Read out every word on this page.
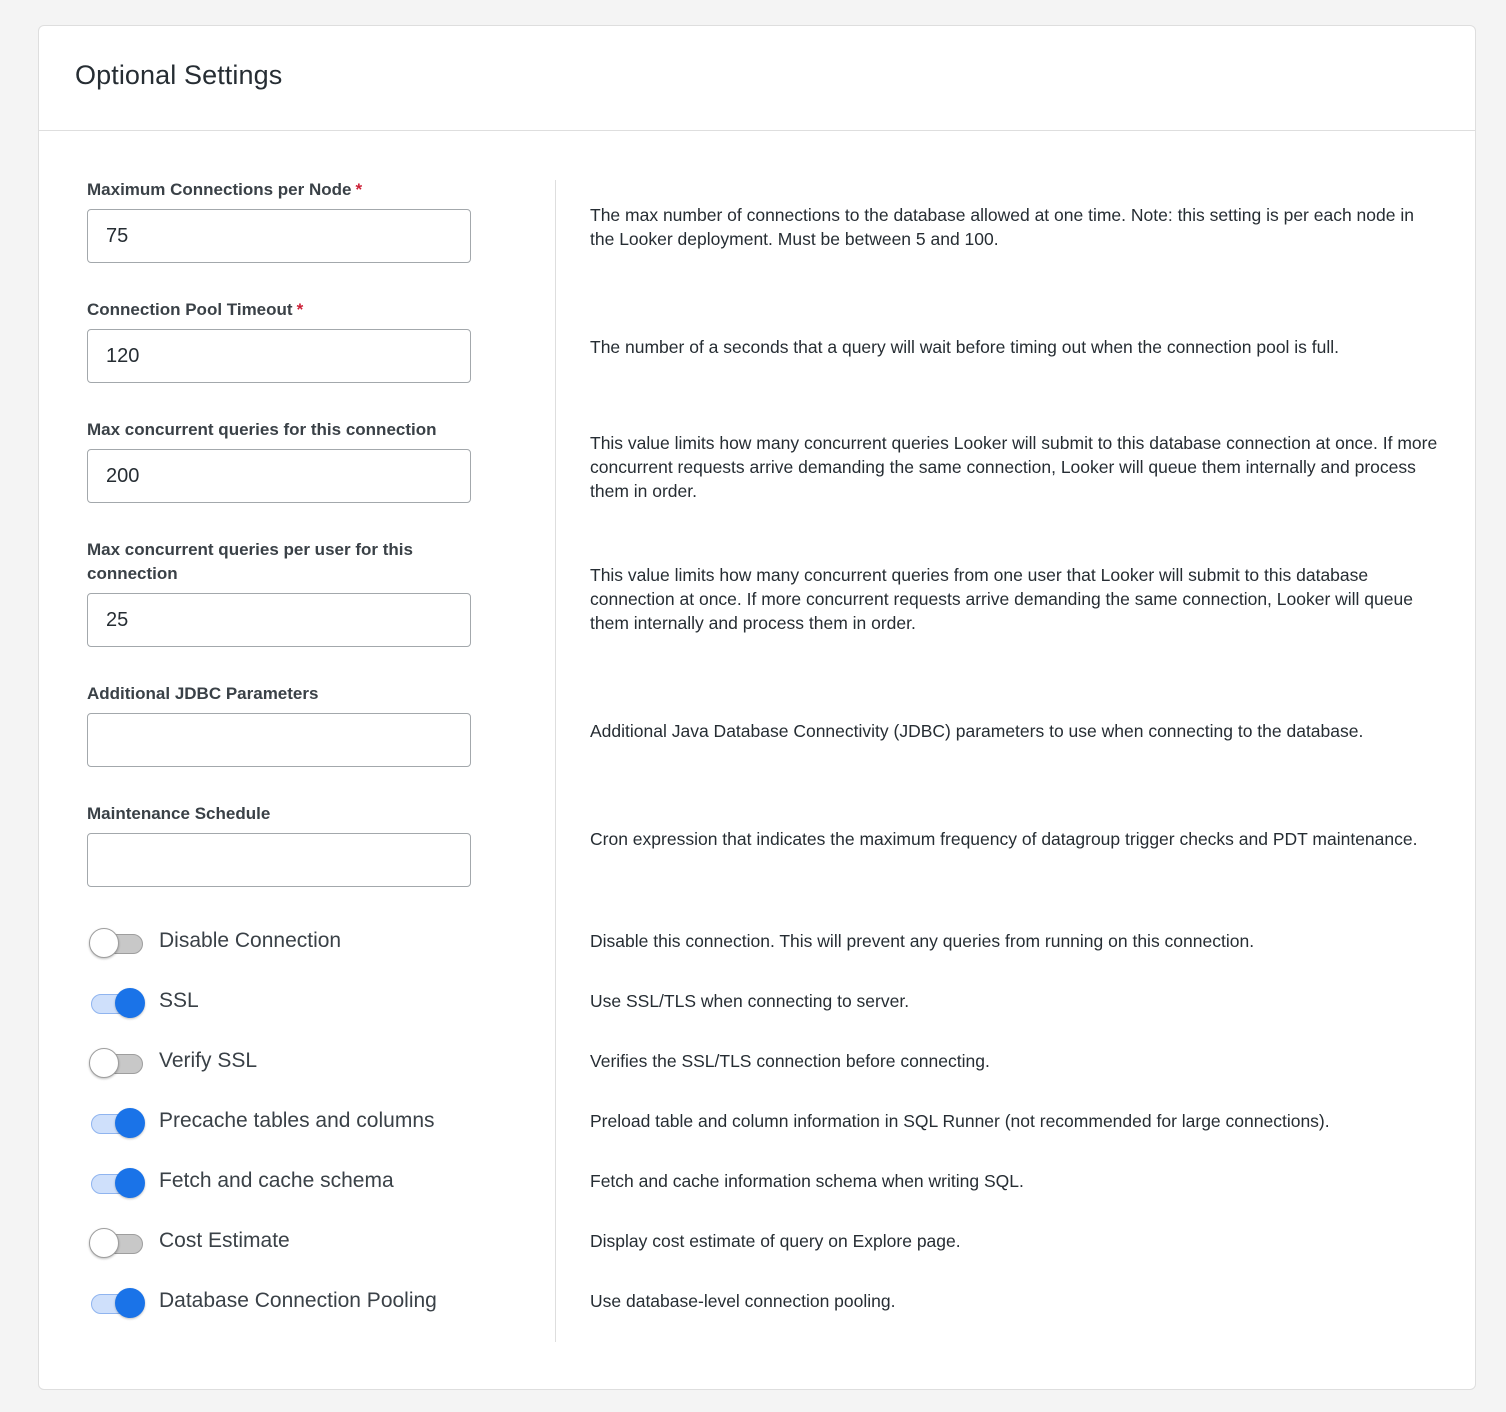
Optional Settings
Maximum Connections per Node *
75
The max number of connections to the database allowed at one time. Note: this setting is per each node in the Looker deployment. Must be between 5 and 100.
Connection Pool Timeout *
120
The number of a seconds that a query will wait before timing out when the connection pool is full.
Max concurrent queries for this connection
200
This value limits how many concurrent queries Looker will submit to this database connection at once. If more concurrent requests arrive demanding the same connection, Looker will queue them internally and process them in order.
Max concurrent queries per user for this connection
25	This value limits how many concurrent queries from one user that Looker will submit to this database connection at once. If more concurrent requests arrive demanding the same connection, Looker will queue them internally and process them in order.
Additional JDBC Parameters
Additional Java Database Connectivity (JDBC) parameters to use when connecting to the database.
Maintenance Schedule
Cron expression that indicates the maximum frequency of datagroup trigger checks and PDT maintenance.
Disable Connection	Disable this connection. This will prevent any queries from running on this connection.
SSL	Use SSL/TLS when connecting to server.
Verify SSL	Verifies the SSL/TLS connection before connecting.
Precache tables and columns	Preload table and column information in SQL Runner (not recommended for large connections).
Fetch and cache schema	Fetch and cache information schema when writing SQL.
Cost Estimate	Display cost estimate of query on Explore page.
Database Connection Pooling	Use database-level connection pooling.
